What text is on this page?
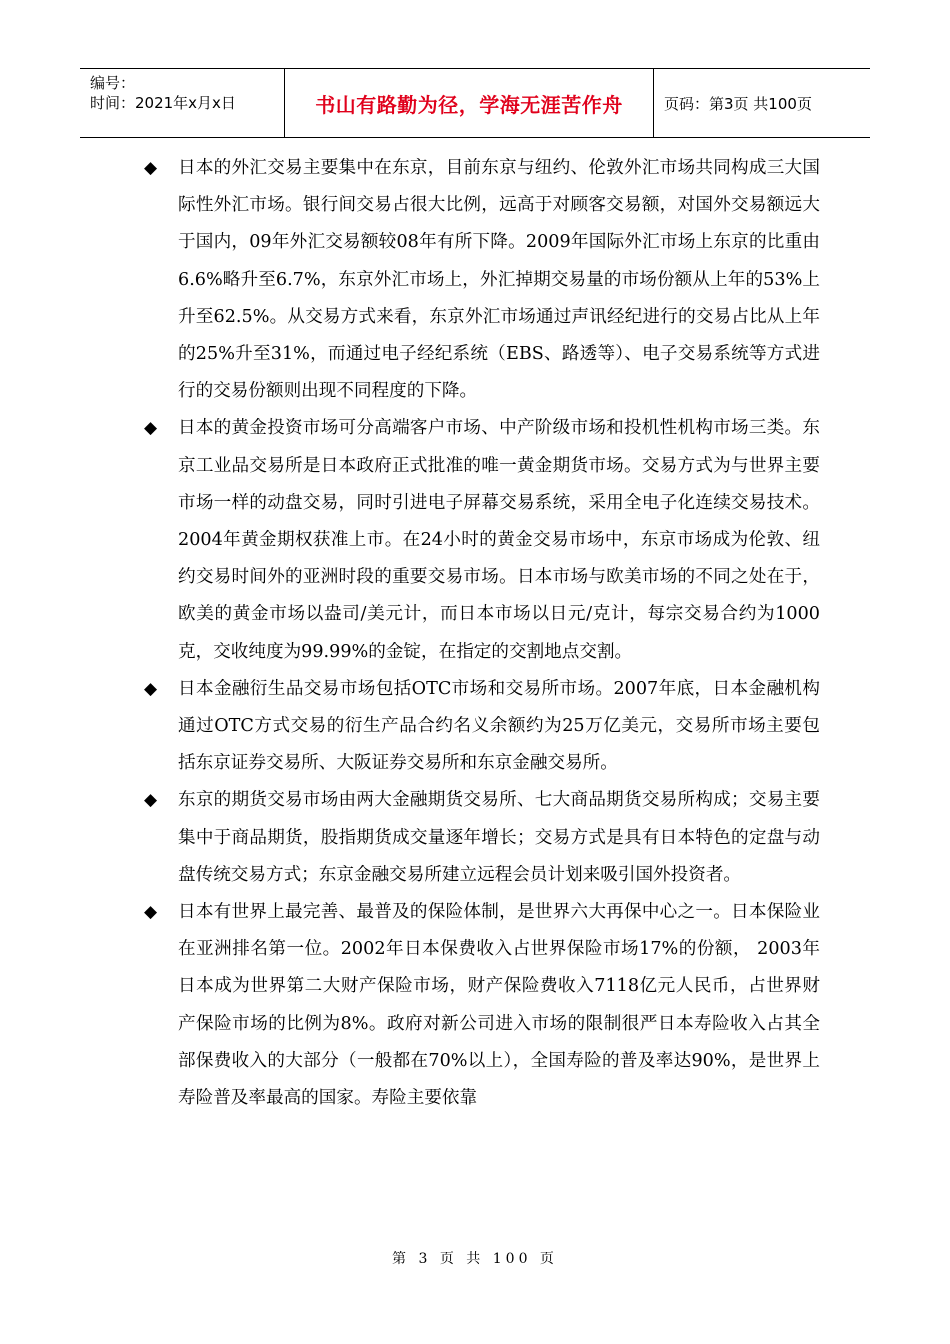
编号：
时间：2021年x月x日	书山有路勤为径，学海无涯苦作舟	页码：第3页 共100页
◆ 日本的外汇交易主要集中在东京，目前东京与纽约、伦敦外汇市场共同构成三大国际性外汇市场。银行间交易占很大比例，远高于对顾客交易额，对国外交易额远大于国内，09年外汇交易额较08年有所下降。2009年国际外汇市场上东京的比重由6.6%略升至6.7%，东京外汇市场上，外汇掉期交易量的市场份额从上年的53%上升至62.5%。从交易方式来看，东京外汇市场通过声讯经纪进行的交易占比从上年的25%升至31%，而通过电子经纪系统（EBS、路透等）、电子交易系统等方式进行的交易份额则出现不同程度的下降。
◆ 日本的黄金投资市场可分高端客户市场、中产阶级市场和投机性机构市场三类。东京工业品交易所是日本政府正式批准的唯一黄金期货市场。交易方式为与世界主要市场一样的动盘交易，同时引进电子屏幕交易系统，采用全电子化连续交易技术。2004年黄金期权获准上市。在24小时的黄金交易市场中，东京市场成为伦敦、纽约交易时间外的亚洲时段的重要交易市场。日本市场与欧美市场的不同之处在于，欧美的黄金市场以盎司/美元计，而日本市场以日元/克计，每宗交易合约为1000克，交收纯度为99.99%的金锭，在指定的交割地点交割。
◆ 日本金融衍生品交易市场包括OTC市场和交易所市场。2007年底，日本金融机构通过OTC方式交易的衍生产品合约名义余额约为25万亿美元，交易所市场主要包括东京证券交易所、大阪证券交易所和东京金融交易所。
◆ 东京的期货交易市场由两大金融期货交易所、七大商品期货交易所构成；交易主要集中于商品期货，股指期货成交量逐年增长；交易方式是具有日本特色的定盘与动盘传统交易方式；东京金融交易所建立远程会员计划来吸引国外投资者。
◆ 日本有世界上最完善、最普及的保险体制，是世界六大再保中心之一。日本保险业在亚洲排名第一位。2002年日本保费收入占世界保险市场17%的份额， 2003年日本成为世界第二大财产保险市场，财产保险费收入7118亿元人民币，占世界财产保险市场的比例为8%。政府对新公司进入市场的限制很严日本寿险收入占其全部保费收入的大部分（一般都在70%以上），全国寿险的普及率达90%，是世界上寿险普及率最高的国家。寿险主要依靠
第 3 页 共 100 页
